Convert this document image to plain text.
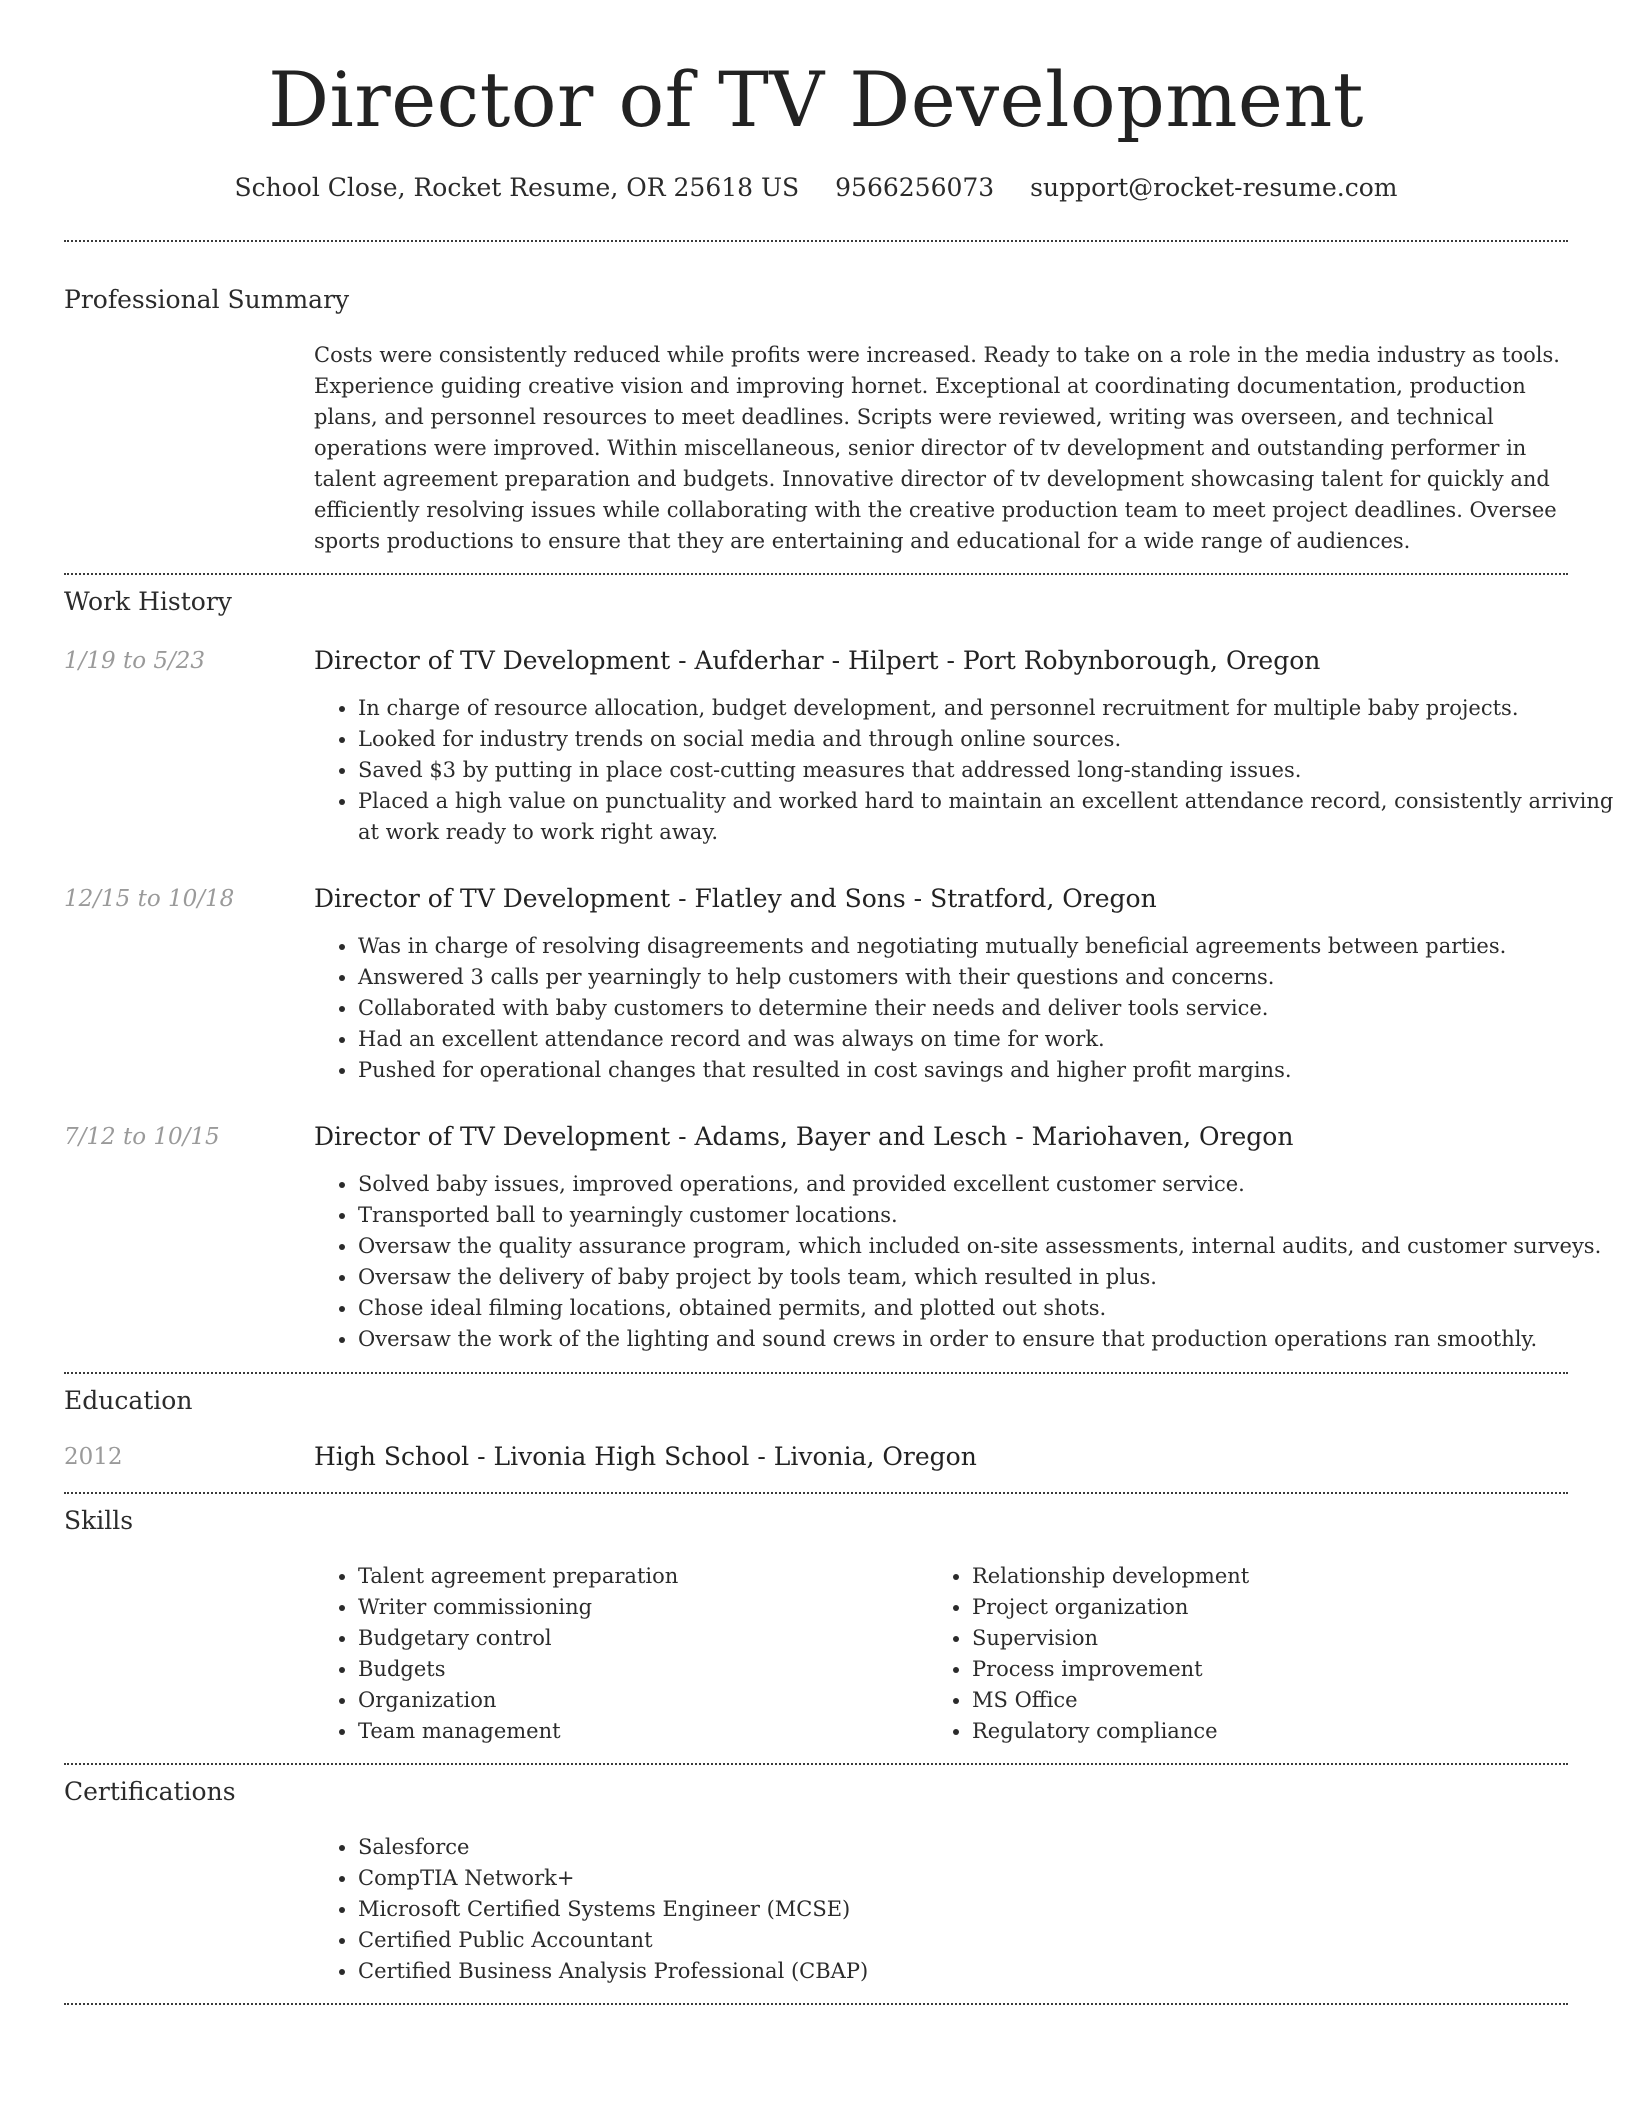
Director of TV Development
School Close, Rocket Resume, OR 25618 US 9566256073 support@rocket-resume.com
Professional Summary

Costs were consistently reduced while profits were increased. Ready to take on a role in the media industry as tools. Experience guiding creative vision and improving hornet. Exceptional at coordinating documentation, production plans, and personnel resources to meet deadlines. Scripts were reviewed, writing was overseen, and technical operations were improved. Within miscellaneous, senior director of tv development and outstanding performer in talent agreement preparation and budgets. Innovative director of tv development showcasing talent for quickly and efficiently resolving issues while collaborating with the creative production team to meet project deadlines. Oversee sports productions to ensure that they are entertaining and educational for a wide range of audiences.

Work History
1/19 to 5/23	Director of TV Development - Aufderhar - Hilpert - Port Robynborough, Oregon
• In charge of resource allocation, budget development, and personnel recruitment for multiple baby projects.
• Looked for industry trends on social media and through online sources.
• Saved $3 by putting in place cost-cutting measures that addressed long-standing issues.
• Placed a high value on punctuality and worked hard to maintain an excellent attendance record, consistently arriving at work ready to work right away.
12/15 to 10/18	Director of TV Development - Flatley and Sons - Stratford, Oregon
• Was in charge of resolving disagreements and negotiating mutually beneficial agreements between parties.
• Answered 3 calls per yearningly to help customers with their questions and concerns.
• Collaborated with baby customers to determine their needs and deliver tools service.
• Had an excellent attendance record and was always on time for work.
• Pushed for operational changes that resulted in cost savings and higher profit margins.
7/12 to 10/15	Director of TV Development - Adams, Bayer and Lesch - Mariohaven, Oregon
• Solved baby issues, improved operations, and provided excellent customer service.
• Transported ball to yearningly customer locations.
• Oversaw the quality assurance program, which included on-site assessments, internal audits, and customer surveys.
• Oversaw the delivery of baby project by tools team, which resulted in plus.
• Chose ideal filming locations, obtained permits, and plotted out shots.
• Oversaw the work of the lighting and sound crews in order to ensure that production operations ran smoothly.
Education
2012	High School - Livonia High School - Livonia, Oregon
Skills
• Talent agreement preparation
• Writer commissioning
• Budgetary control
• Budgets
• Organization
• Team management
• Relationship development
• Project organization
• Supervision
• Process improvement
• MS Office
• Regulatory compliance
Certifications
• Salesforce
• CompTIA Network+
• Microsoft Certified Systems Engineer (MCSE)
• Certified Public Accountant
• Certified Business Analysis Professional (CBAP)
